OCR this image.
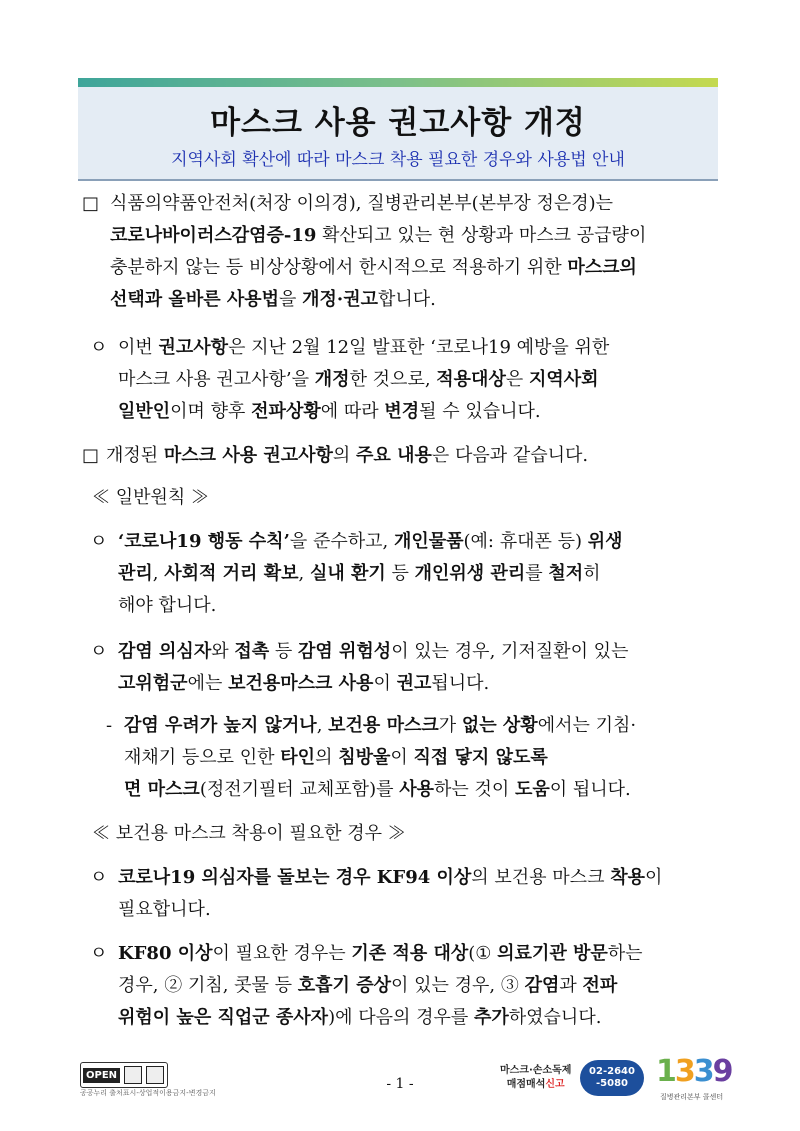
마스크 사용 권고사항 개정
지역사회 확산에 따라 마스크 착용 필요한 경우와 사용법 안내
□ 식품의약품안전처(처장 이의경), 질병관리본부(본부장 정은경)는
코로나바이러스감염증-19 확산되고 있는 현 상황과 마스크 공급량이
충분하지 않는 등 비상상황에서 한시적으로 적용하기 위한 마스크의
선택과 올바른 사용법을 개정·권고합니다.
ㅇ 이번 권고사항은 지난 2월 12일 발표한 ‘코로나19 예방을 위한
마스크 사용 권고사항’을 개정한 것으로, 적용대상은 지역사회
일반인이며 향후 전파상황에 따라 변경될 수 있습니다.
□ 개정된 마스크 사용 권고사항의 주요 내용은 다음과 같습니다.
≪ 일반원칙 ≫
ㅇ ‘코로나19 행동 수칙’을 준수하고, 개인물품(예: 휴대폰 등) 위생
관리, 사회적 거리 확보, 실내 환기 등 개인위생 관리를 철저히
해야 합니다.
ㅇ 감염 의심자와 접촉 등 감염 위험성이 있는 경우, 기저질환이 있는
고위험군에는 보건용마스크 사용이 권고됩니다.
- 감염 우려가 높지 않거나, 보건용 마스크가 없는 상황에서는 기침·
재채기 등으로 인한 타인의 침방울이 직접 닿지 않도록
면 마스크(정전기필터 교체포함)를 사용하는 것이 도움이 됩니다.
≪ 보건용 마스크 착용이 필요한 경우 ≫
ㅇ 코로나19 의심자를 돌보는 경우 KF94 이상의 보건용 마스크 착용이
필요합니다.
ㅇ KF80 이상이 필요한 경우는 기존 적용 대상(① 의료기관 방문하는
경우, ② 기침, 콧물 등 호흡기 증상이 있는 경우, ③ 감염과 전파
위험이 높은 직업군 종사자)에 다음의 경우를 추가하였습니다.
OPEN
공공누리 출처표시-상업적이용금지-변경금지
- 1 -
마스크·손소독제
매점매석신고
02-2640
-5080 1339
질병관리본부 콜센터
